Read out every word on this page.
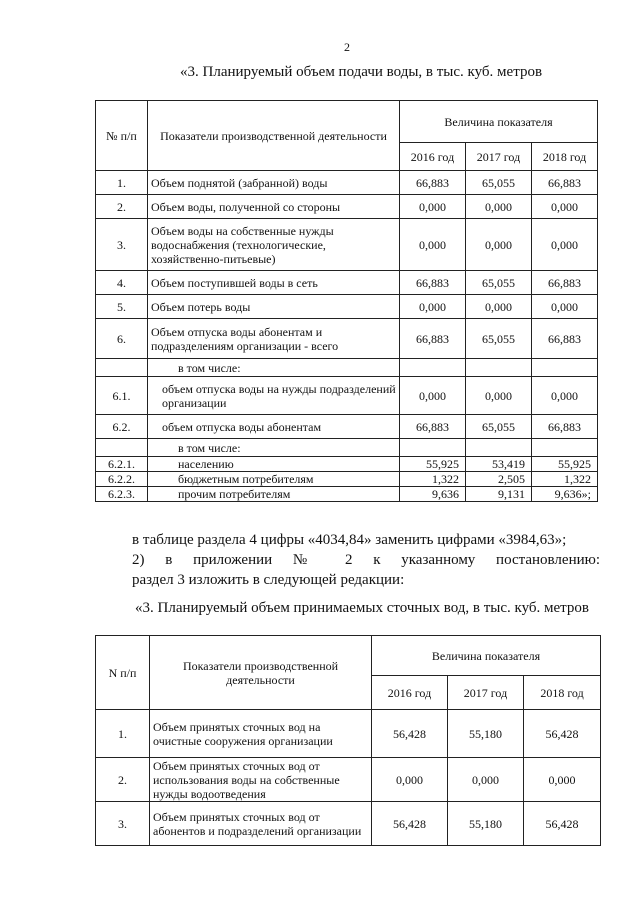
2
«3. Планируемый объем подачи воды, в тыс. куб. метров
№ п/п	Показатели производственной деятельности	Величина показателя		
		2016 год	2017 год	2018 год
1.	Объем поднятой (забранной) воды	66,883	65,055	66,883
2.	Объем воды, полученной со стороны	0,000	0,000	0,000
3.	Объем воды на собственные нужды водоснабжения (технологические, хозяйственно-питьевые)	0,000	0,000	0,000
4.	Объем поступившей воды в сеть	66,883	65,055	66,883
5.	Объем потерь воды	0,000	0,000	0,000
6.	Объем отпуска воды абонентам и подразделениям организации - всего	66,883	65,055	66,883
	в том числе:			
6.1.	объем отпуска воды на нужды подразделений организации	0,000	0,000	0,000
6.2.	объем отпуска воды абонентам	66,883	65,055	66,883
	в том числе:			
6.2.1.	населению	55,925	53,419	55,925
6.2.2.	бюджетным потребителям	1,322	2,505	1,322
6.2.3.	прочим потребителям	9,636	9,131	9,636»;
в таблице раздела 4 цифры «4034,84» заменить цифрами «3984,63»;
2) в приложении № 2 к указанному постановлению:
раздел 3 изложить в следующей редакции:
«3. Планируемый объем принимаемых сточных вод, в тыс. куб. метров
N п/п	Показатели производственной деятельности	Величина показателя		
		2016 год	2017 год	2018 год
1.	Объем принятых сточных вод на очистные сооружения организации	56,428	55,180	56,428
2.	Объем принятых сточных вод от использования воды на собственные нужды водоотведения	0,000	0,000	0,000
3.	Объем принятых сточных вод от абонентов и подразделений организации	56,428	55,180	56,428
